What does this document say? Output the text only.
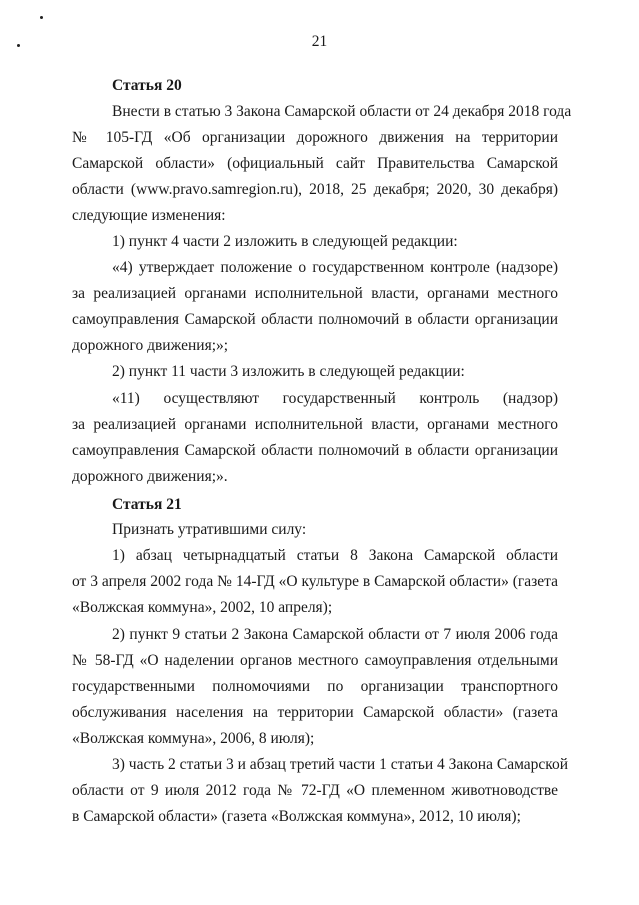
21
Статья 20
Внести в статью 3 Закона Самарской области от 24 декабря 2018 года
№ 105-ГД «Об организации дорожного движения на территории
Самарской области» (официальный сайт Правительства Самарской
области (www.pravo.samregion.ru), 2018, 25 декабря; 2020, 30 декабря)
следующие изменения:
1) пункт 4 части 2 изложить в следующей редакции:
«4) утверждает положение о государственном контроле (надзоре)
за реализацией органами исполнительной власти, органами местного
самоуправления Самарской области полномочий в области организации
дорожного движения;»;
2) пункт 11 части 3 изложить в следующей редакции:
«11) осуществляют государственный контроль (надзор)
за реализацией органами исполнительной власти, органами местного
самоуправления Самарской области полномочий в области организации
дорожного движения;».
Статья 21
Признать утратившими силу:
1) абзац четырнадцатый статьи 8 Закона Самарской области
от 3 апреля 2002 года № 14-ГД «О культуре в Самарской области» (газета
«Волжская коммуна», 2002, 10 апреля);
2) пункт 9 статьи 2 Закона Самарской области от 7 июля 2006 года
№ 58-ГД «О наделении органов местного самоуправления отдельными
государственными полномочиями по организации транспортного
обслуживания населения на территории Самарской области» (газета
«Волжская коммуна», 2006, 8 июля);
3) часть 2 статьи 3 и абзац третий части 1 статьи 4 Закона Самарской
области от 9 июля 2012 года № 72-ГД «О племенном животноводстве
в Самарской области» (газета «Волжская коммуна», 2012, 10 июля);
